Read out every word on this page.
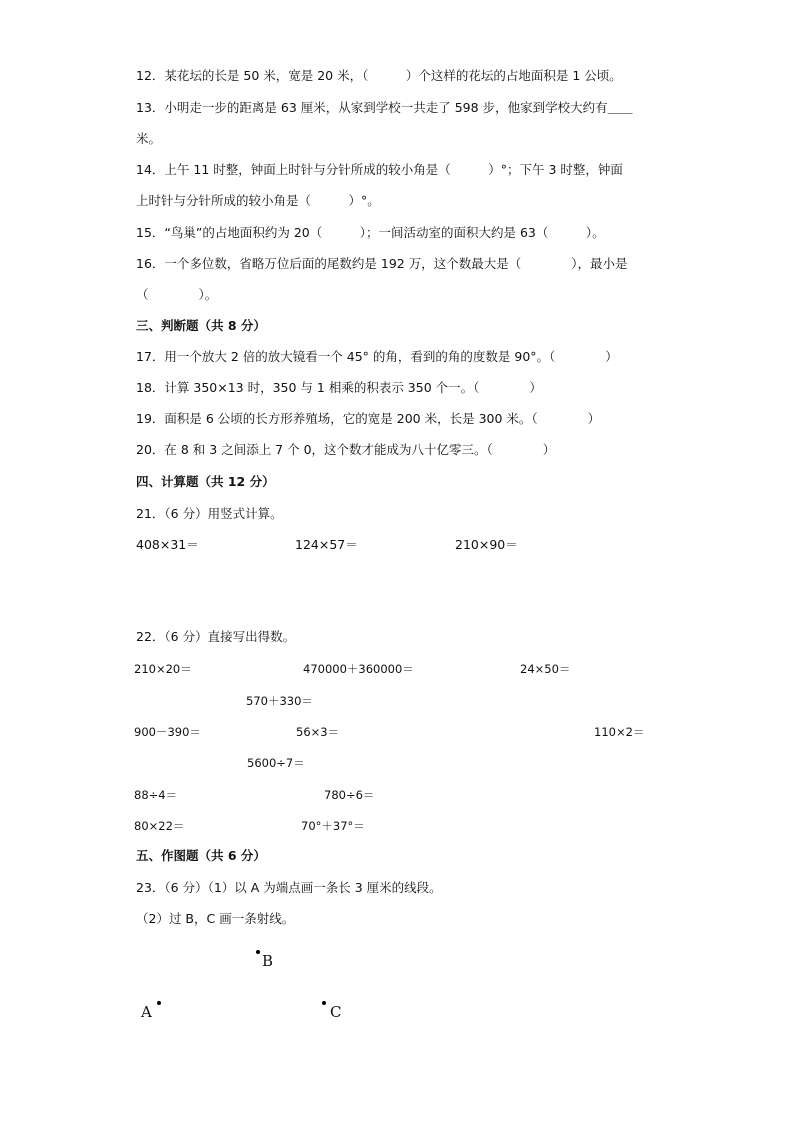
12．某花坛的长是 50 米，宽是 20 米，（　　　）个这样的花坛的占地面积是 1 公顷。
13．小明走一步的距离是 63 厘米，从家到学校一共走了 598 步，他家到学校大约有＿＿
米。
14．上午 11 时整，钟面上时针与分针所成的较小角是（　　　）°；下午 3 时整，钟面
上时针与分针所成的较小角是（　　　）°。
15．“鸟巢”的占地面积约为 20（　　　）；一间活动室的面积大约是 63（　　　）。
16．一个多位数，省略万位后面的尾数约是 192 万，这个数最大是（　　　　），最小是
（　　　　）。
三、判断题（共 8 分）
17．用一个放大 2 倍的放大镜看一个 45° 的角，看到的角的度数是 90°。（　　　　）
18．计算 350×13 时，350 与 1 相乘的积表示 350 个一。（　　　　）
19．面积是 6 公顷的长方形养殖场，它的宽是 200 米，长是 300 米。（　　　　）
20．在 8 和 3 之间添上 7 个 0，这个数才能成为八十亿零三。（　　　　）
四、计算题（共 12 分）
21．（6 分）用竖式计算。
408×31＝	124×57＝	210×90＝
22．（6 分）直接写出得数。
210×20＝	470000＋360000＝	24×50＝
570＋330＝
900－390＝	56×3＝	110×2＝
5600÷7＝
88÷4＝	780÷6＝
80×22＝	70°＋37°＝
五、作图题（共 6 分）
23．（6 分）（1）以 A 为端点画一条长 3 厘米的线段。
（2）过 B，C 画一条射线。
B
A	C
